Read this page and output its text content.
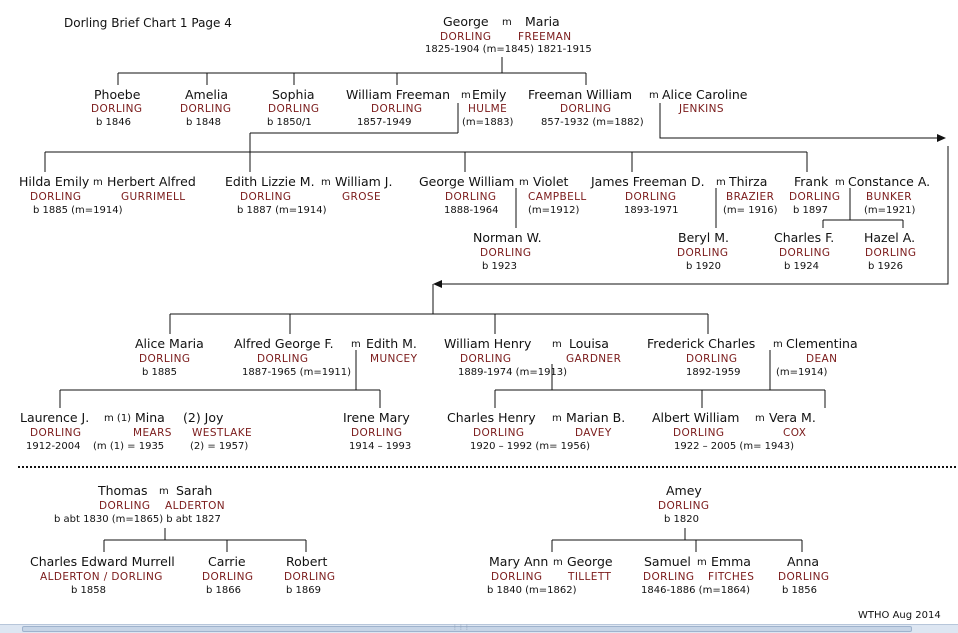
Dorling Brief Chart 1 Page 4	George m Maria
DORLING	FREEMAN
1825-1904 (m=1845) 1821-1915
Phoebe
DORLING
b 1846
Amelia
DORLING
b 1848
Sophia
DORLING
b 1850/1
William Freeman m Emily
DORLING	HULME
1857-1949	(m=1883)
Freeman William m Alice Caroline
DORLING	JENKINS
857-1932 (m=1882)
Hilda Emily m Herbert Alfred
DORLING	GURRIMELL
b 1885 (m=1914)
Edith Lizzie M. m William J.
DORLING	GROSE
b 1887 (m=1914)
George William m Violet
DORLING	CAMPBELL
1888-1964	(m=1912)
Norman W.
DORLING
b 1923
James Freeman D. m Thirza
DORLING	BRAZIER
1893-1971	(m= 1916)
Beryl M.
DORLING
b 1920
Frank m Constance A.
DORLING BUNKER
b 1897	(m=1921)
Charles F.
DORLING
b 1924
Hazel A.
DORLING
b 1926
Alice Maria
DORLING
b 1885
Alfred George F. m Edith M.
DORLING	MUNCEY
1887-1965 (m=1911)
William Henry m Louisa
DORLING	GARDNER
1889-1974 (m=1913)
Frederick Charles m Clementina
DORLING	DEAN
1892-1959	(m=1914)
Laurence J. m (1) Mina (2) Joy
DORLING	MEARS WESTLAKE
1912-2004 (m (1) = 1935	(2) = 1957)
Irene Mary
DORLING
1914 – 1993
Charles Henry m Marian B.
DORLING	DAVEY
1920 – 1992 (m= 1956)
Albert William m Vera M.
DORLING	COX
1922 – 2005 (m= 1943)
Thomas m Sarah
DORLING ALDERTON
b abt 1830 (m=1865) b abt 1827
Charles Edward Murrell
ALDERTON / DORLING
b 1858
Carrie
DORLING
b 1866
Robert
DORLING
b 1869
Amey
DORLING
b 1820
Mary Ann m George
DORLING TILLETT
b 1840 (m=1862)
Samuel m Emma
DORLING FITCHES
1846-1886 (m=1864)
Anna
DORLING
b 1856
WTHO Aug 2014
⋮⋮⋮
